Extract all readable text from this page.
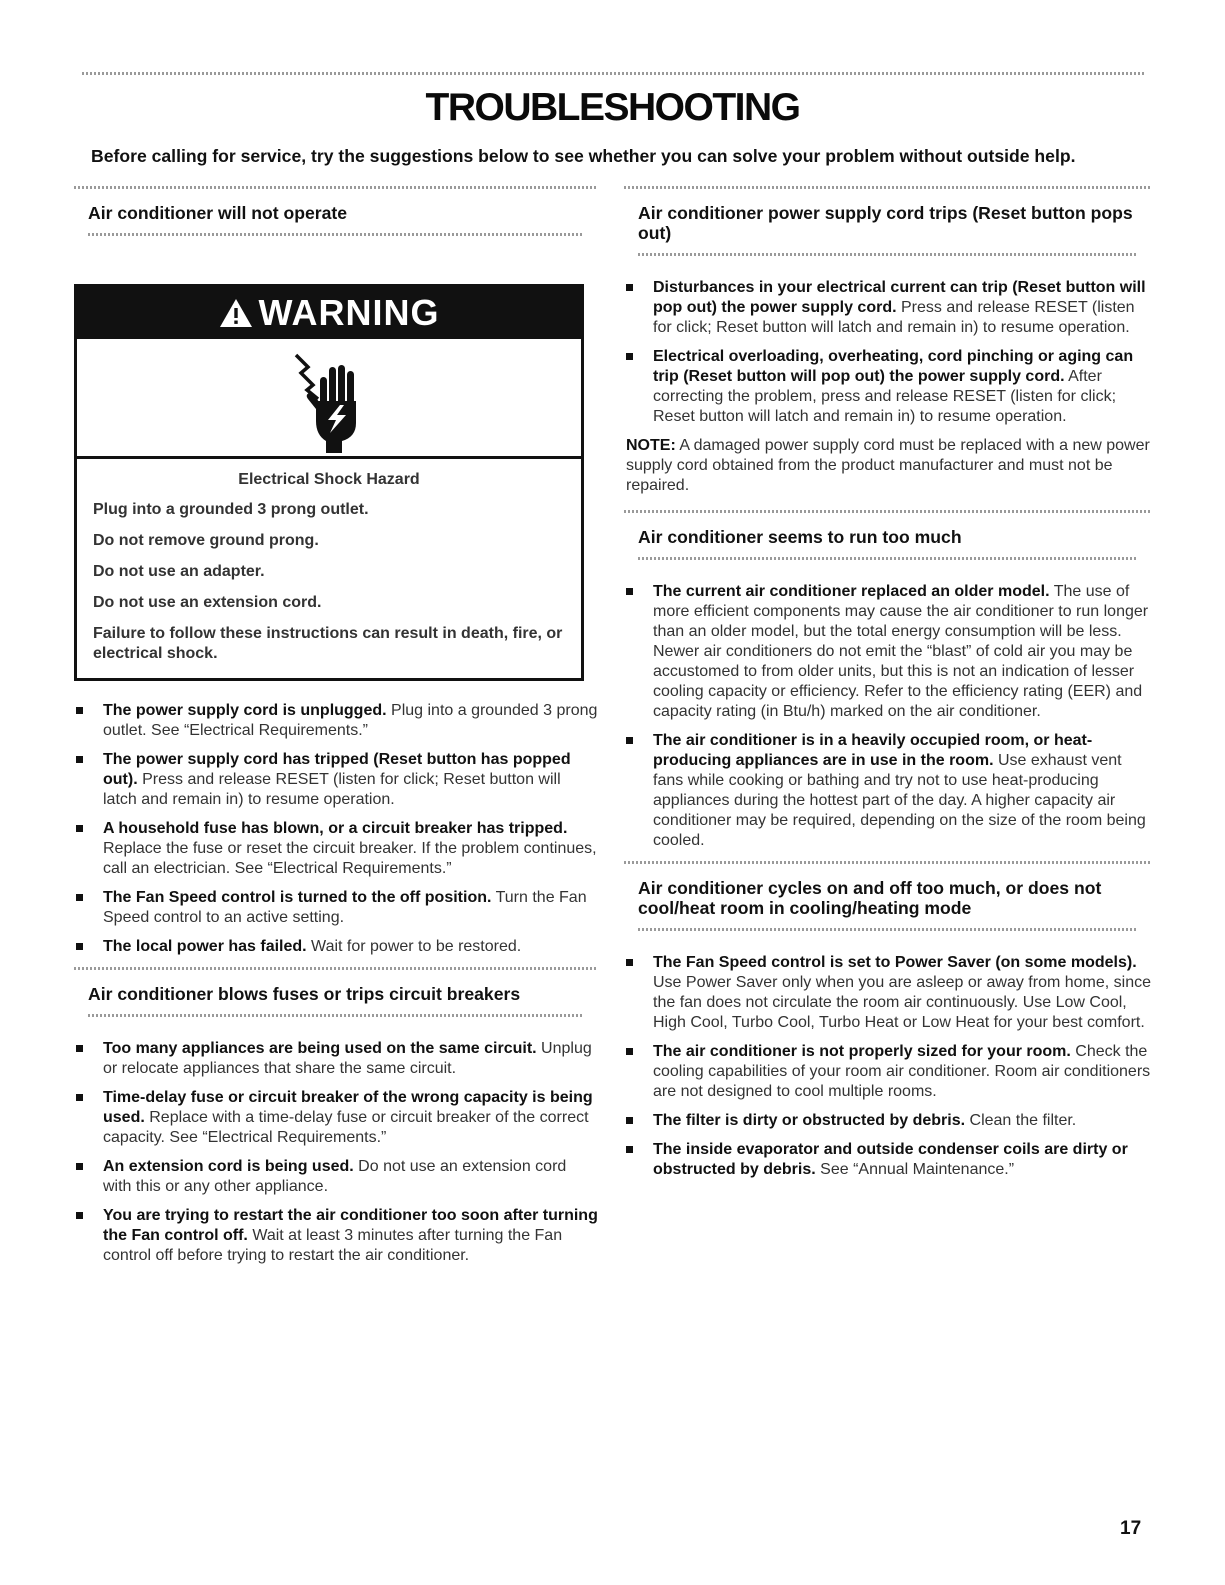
TROUBLESHOOTING

Before calling for service, try the suggestions below to see whether you can solve your problem without outside help.

Air conditioner will not operate
WARNING
Electrical Shock Hazard
Plug into a grounded 3 prong outlet.
Do not remove ground prong.
Do not use an adapter.
Do not use an extension cord.
Failure to follow these instructions can result in death, fire, or electrical shock.
The power supply cord is unplugged. Plug into a grounded 3 prong outlet. See “Electrical Requirements.”
The power supply cord has tripped (Reset button has popped out). Press and release RESET (listen for click; Reset button will latch and remain in) to resume operation.
A household fuse has blown, or a circuit breaker has tripped. Replace the fuse or reset the circuit breaker. If the problem continues, call an electrician. See “Electrical Requirements.”
The Fan Speed control is turned to the off position. Turn the Fan Speed control to an active setting.
The local power has failed. Wait for power to be restored.
Air conditioner blows fuses or trips circuit breakers
Too many appliances are being used on the same circuit. Unplug or relocate appliances that share the same circuit.
Time-delay fuse or circuit breaker of the wrong capacity is being used. Replace with a time-delay fuse or circuit breaker of the correct capacity. See “Electrical Requirements.”
An extension cord is being used. Do not use an extension cord with this or any other appliance.
You are trying to restart the air conditioner too soon after turning the Fan control off. Wait at least 3 minutes after turning the Fan control off before trying to restart the air conditioner.
Air conditioner power supply cord trips (Reset button pops out)
Disturbances in your electrical current can trip (Reset button will pop out) the power supply cord. Press and release RESET (listen for click; Reset button will latch and remain in) to resume operation.
Electrical overloading, overheating, cord pinching or aging can trip (Reset button will pop out) the power supply cord. After correcting the problem, press and release RESET (listen for click; Reset button will latch and remain in) to resume operation.

NOTE: A damaged power supply cord must be replaced with a new power supply cord obtained from the product manufacturer and must not be repaired.

Air conditioner seems to run too much
The current air conditioner replaced an older model. The use of more efficient components may cause the air conditioner to run longer than an older model, but the total energy consumption will be less. Newer air conditioners do not emit the “blast” of cold air you may be accustomed to from older units, but this is not an indication of lesser cooling capacity or efficiency. Refer to the efficiency rating (EER) and capacity rating (in Btu/h) marked on the air conditioner.
The air conditioner is in a heavily occupied room, or heat-producing appliances are in use in the room. Use exhaust vent fans while cooking or bathing and try not to use heat-producing appliances during the hottest part of the day. A higher capacity air conditioner may be required, depending on the size of the room being cooled.
Air conditioner cycles on and off too much, or does not cool/heat room in cooling/heating mode
The Fan Speed control is set to Power Saver (on some models). Use Power Saver only when you are asleep or away from home, since the fan does not circulate the room air continuously. Use Low Cool, High Cool, Turbo Cool, Turbo Heat or Low Heat for your best comfort.
The air conditioner is not properly sized for your room. Check the cooling capabilities of your room air conditioner. Room air conditioners are not designed to cool multiple rooms.
The filter is dirty or obstructed by debris. Clean the filter.
The inside evaporator and outside condenser coils are dirty or obstructed by debris. See “Annual Maintenance.”
17
